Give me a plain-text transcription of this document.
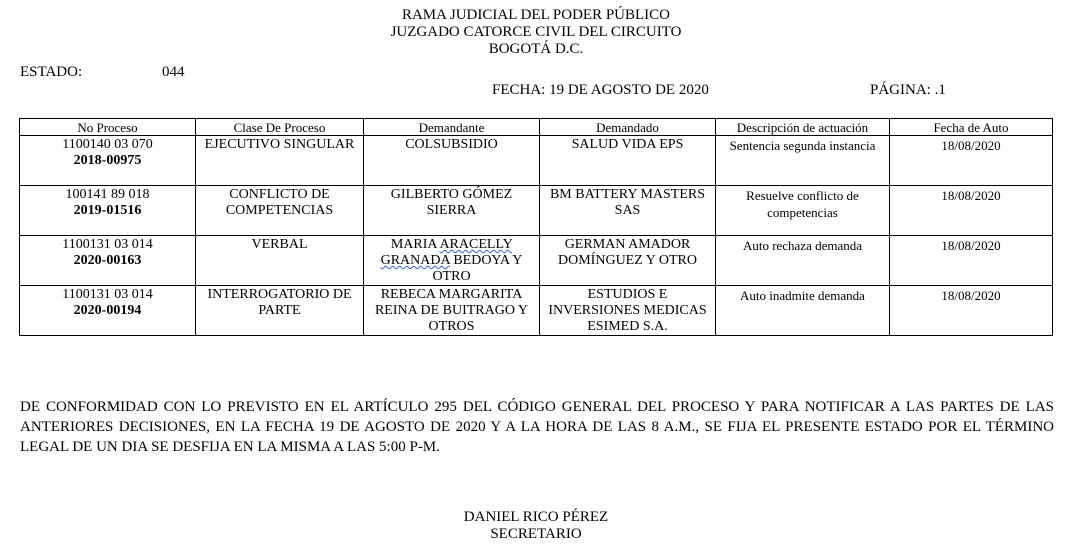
RAMA JUDICIAL DEL PODER PÚBLICO
JUZGADO CATORCE CIVIL DEL CIRCUITO
BOGOTÁ D.C.
ESTADO:	044
FECHA: 19 DE AGOSTO DE 2020	PÁGINA: .1
No Proceso	Clase De Proceso	Demandante	Demandado	Descripción de actuación	Fecha de Auto

1100140 03 070
2018-00975	EJECUTIVO SINGULAR	COLSUBSIDIO	SALUD VIDA EPS	Sentencia segunda instancia	18/08/2020

100141 89 018
2019-01516	CONFLICTO DE COMPETENCIAS	GILBERTO GÓMEZ SIERRA	BM BATTERY MASTERS SAS	Resuelve conflicto de competencias	18/08/2020

1100131 03 014
2020-00163	VERBAL	MARIA ARACELLY GRANADA BEDOYA Y OTRO	GERMAN AMADOR DOMÍNGUEZ Y OTRO	Auto rechaza demanda	18/08/2020

1100131 03 014
2020-00194	INTERROGATORIO DE PARTE	REBECA MARGARITA REINA DE BUITRAGO Y OTROS	ESTUDIOS E INVERSIONES MEDICAS ESIMED S.A.	Auto inadmite demanda	18/08/2020
DE CONFORMIDAD CON LO PREVISTO EN EL ARTÍCULO 295 DEL CÓDIGO GENERAL DEL PROCESO Y PARA NOTIFICAR A LAS PARTES DE LAS ANTERIORES DECISIONES, EN LA FECHA 19 DE AGOSTO DE 2020 Y A LA HORA DE LAS 8 A.M., SE FIJA EL PRESENTE ESTADO POR EL TÉRMINO LEGAL DE UN DIA SE DESFIJA EN LA MISMA A LAS 5:00 P-M.
DANIEL RICO PÉREZ
SECRETARIO
